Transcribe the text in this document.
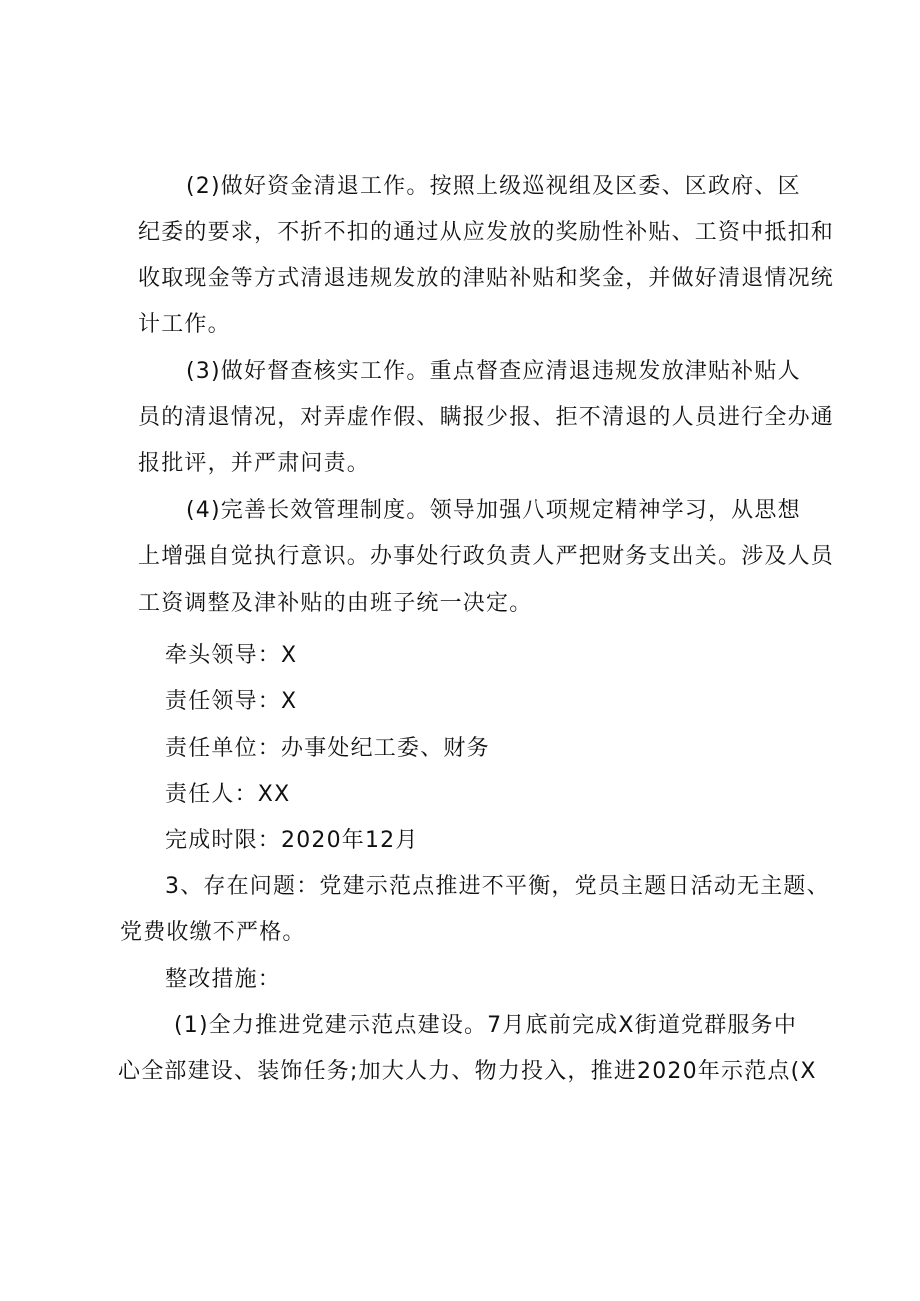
(2)做好资金清退工作。按照上级巡视组及区委、区政府、区
纪委的要求，不折不扣的通过从应发放的奖励性补贴、工资中抵扣和
收取现金等方式清退违规发放的津贴补贴和奖金，并做好清退情况统
计工作。
(3)做好督查核实工作。重点督查应清退违规发放津贴补贴人
员的清退情况，对弄虚作假、瞒报少报、拒不清退的人员进行全办通
报批评，并严肃问责。
(4)完善长效管理制度。领导加强八项规定精神学习，从思想
上增强自觉执行意识。办事处行政负责人严把财务支出关。涉及人员
工资调整及津补贴的由班子统一决定。
牵头领导：X
责任领导：X
责任单位：办事处纪工委、财务
责任人：XX
完成时限：2020年12月
3、存在问题：党建示范点推进不平衡，党员主题日活动无主题、
党费收缴不严格。
整改措施：
(1)全力推进党建示范点建设。7月底前完成X街道党群服务中
心全部建设、装饰任务;加大人力、物力投入，推进2020年示范点(X
